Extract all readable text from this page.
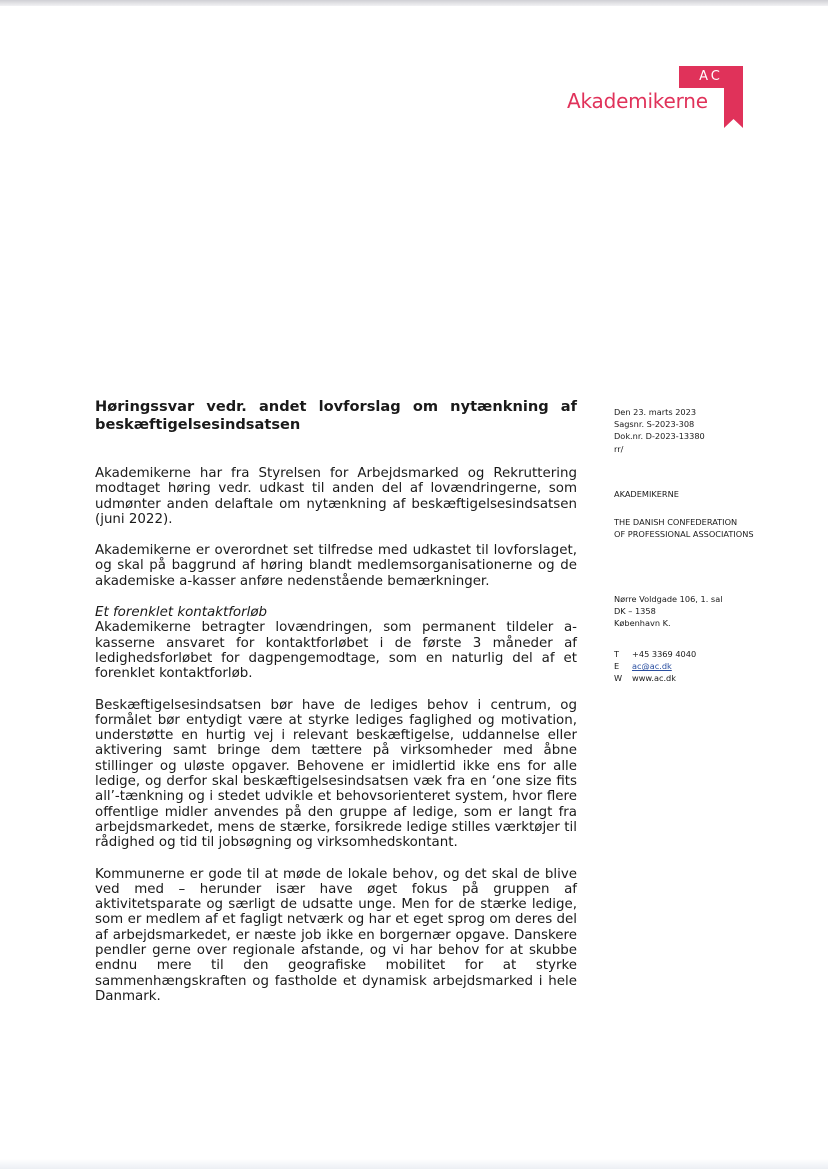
AC
Akademikerne
Den 23. marts 2023
Sagsnr. S-2023-308
Dok.nr. D-2023-13380
rr/
AKADEMIKERNE
THE DANISH CONFEDERATION
OF PROFESSIONAL ASSOCIATIONS
Nørre Voldgade 106, 1. sal
DK – 1358
København K.
T	+45 3369 4040
E	ac@ac.dk
W	www.ac.dk
Høringssvar vedr. andet lovforslag om nytænkning af beskæftigelsesindsatsen

Akademikerne har fra Styrelsen for Arbejdsmarked og Rekruttering modtaget høring vedr. udkast til anden del af lovændringerne, som udmønter anden delaftale om nytænkning af beskæftigelsesindsatsen (juni 2022).

Akademikerne er overordnet set tilfredse med udkastet til lovforslaget, og skal på baggrund af høring blandt medlemsorganisationerne og de akademiske a-kasser anføre nedenstående bemærkninger.

Et forenklet kontaktforløb

Akademikerne betragter lovændringen, som permanent tildeler a-kasserne ansvaret for kontaktforløbet i de første 3 måneder af ledighedsforløbet for dagpengemodtage, som en naturlig del af et forenklet kontaktforløb.

Beskæftigelsesindsatsen bør have de lediges behov i centrum, og formålet bør entydigt være at styrke lediges faglighed og motivation, understøtte en hurtig vej i relevant beskæftigelse, uddannelse eller aktivering samt bringe dem tættere på virksomheder med åbne stillinger og uløste opgaver. Behovene er imidlertid ikke ens for alle ledige, og derfor skal beskæftigelsesindsatsen væk fra en ‘one size fits all’-tænkning og i stedet udvikle et behovsorienteret system, hvor flere offentlige midler anvendes på den gruppe af ledige, som er langt fra arbejdsmarkedet, mens de stærke, forsikrede ledige stilles værktøjer til rådighed og tid til jobsøgning og virksomhedskontant.

Kommunerne er gode til at møde de lokale behov, og det skal de blive ved med – herunder især have øget fokus på gruppen af aktivitetsparate og særligt de udsatte unge. Men for de stærke ledige, som er medlem af et fagligt netværk og har et eget sprog om deres del af arbejdsmarkedet, er næste job ikke en borgernær opgave. Danskere pendler gerne over regionale afstande, og vi har behov for at skubbe endnu mere til den geografiske mobilitet for at styrke sammenhængskraften og fastholde et dynamisk arbejdsmarked i hele Danmark.
